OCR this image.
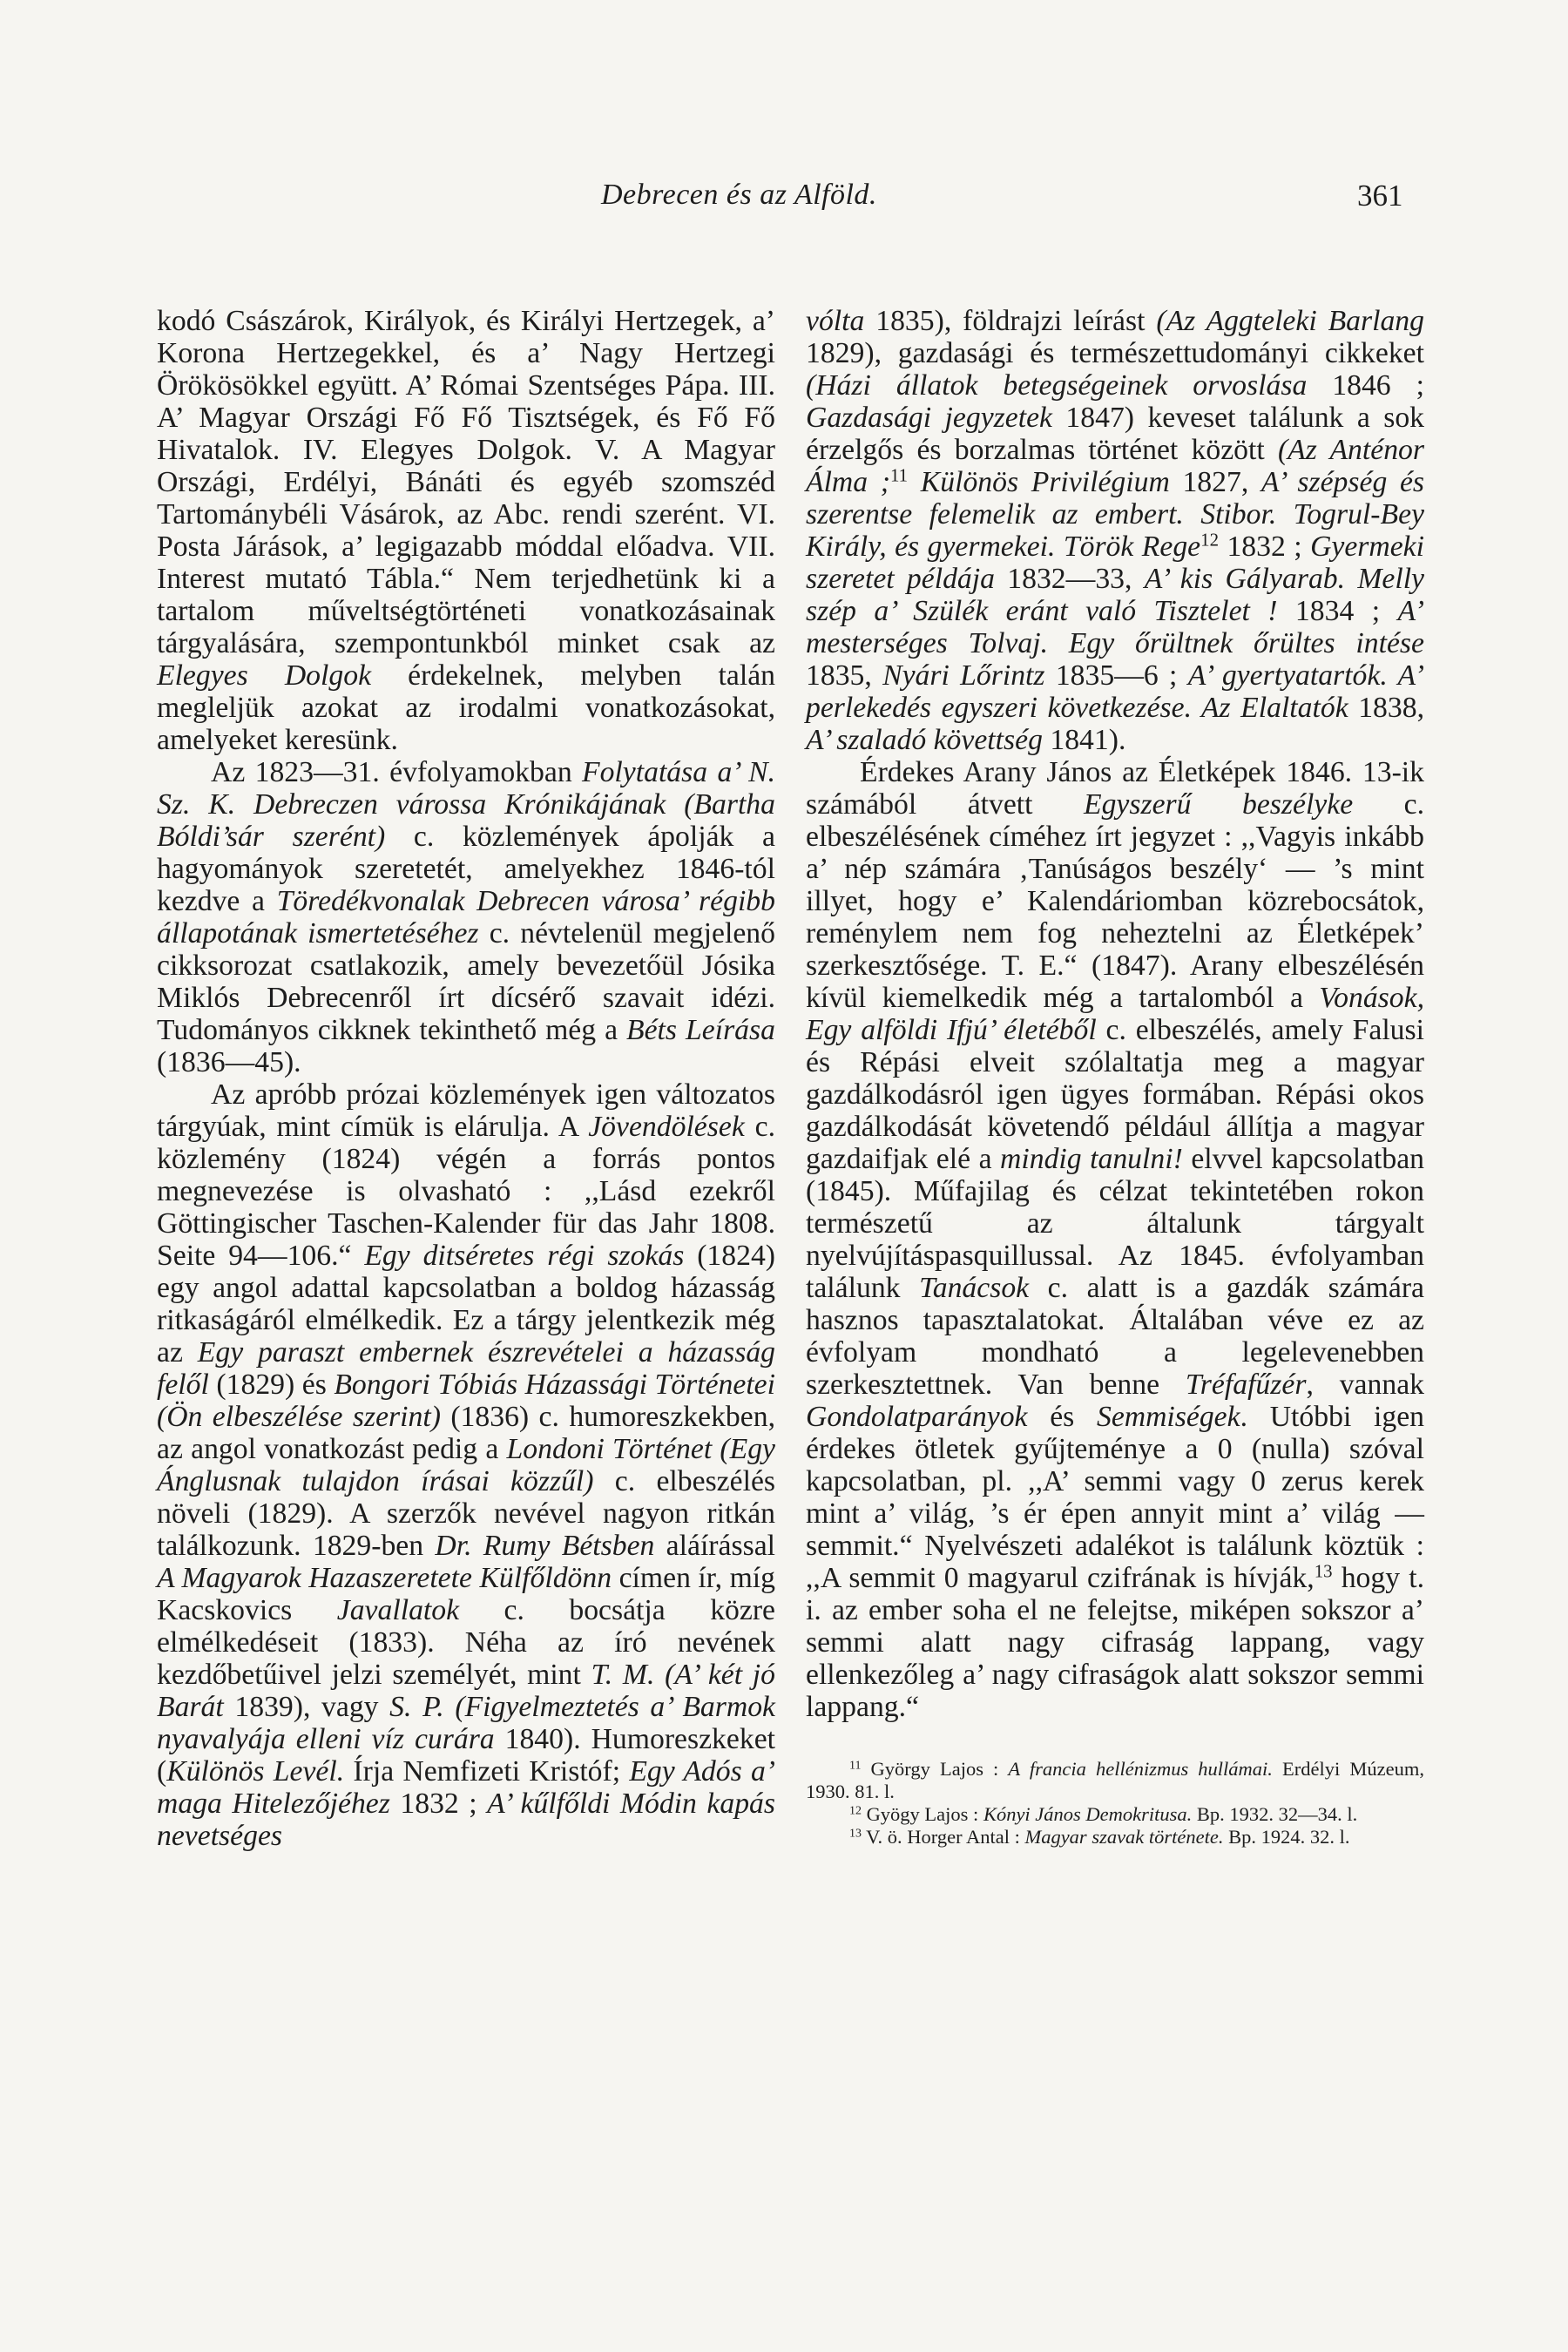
Debrecen és az Alföld.	361

kodó Császárok, Királyok, és Királyi Hertzegek, a’ Korona Hertzegekkel, és a’ Nagy Hertzegi Örökösökkel együtt. A’ Római Szentséges Pápa. III. A’ Magyar Országi Fő Fő Tisztségek, és Fő Fő Hivatalok. IV. Elegyes Dolgok. V. A Magyar Országi, Erdélyi, Bánáti és egyéb szomszéd Tartománybéli Vásárok, az Abc. rendi szerént. VI. Posta Járások, a’ legigazabb móddal előadva. VII. Interest mutató Tábla.“ Nem terjedhetünk ki a tartalom műveltségtörténeti vonatkozásainak tárgyalására, szempontunkból minket csak az Elegyes Dolgok érdekelnek, melyben talán megleljük azokat az irodalmi vonatkozásokat, amelyeket keresünk.

Az 1823—31. évfolyamokban Folytatása a’ N. Sz. K. Debreczen várossa Krónikájának (Bartha Bóldi’sár szerént) c. közlemények ápolják a hagyományok szeretetét, amelyekhez 1846-tól kezdve a Töredékvonalak Debrecen városa’ régibb állapotának ismertetéséhez c. névtelenül megjelenő cikksorozat csatlakozik, amely bevezetőül Jósika Miklós Debrecenről írt dícsérő szavait idézi. Tudományos cikknek tekinthető még a Béts Leírása (1836—45).

Az apróbb prózai közlemények igen változatos tárgyúak, mint címük is elárulja. A Jövendölések c. közlemény (1824) végén a forrás pontos megnevezése is olvasható : ,,Lásd ezekről Göttingischer Taschen-Kalender für das Jahr 1808. Seite 94—106.“ Egy ditséretes régi szokás (1824) egy angol adattal kapcsolatban a boldog házasság ritkaságáról elmélkedik. Ez a tárgy jelentkezik még az Egy paraszt embernek észrevételei a házasság felől (1829) és Bongori Tóbiás Házassági Történetei (Ön elbeszélése szerint) (1836) c. humoreszkekben, az angol vonatkozást pedig a Londoni Történet (Egy Ánglusnak tulajdon írásai közzűl) c. elbeszélés növeli (1829). A szerzők nevével nagyon ritkán találkozunk. 1829-ben Dr. Rumy Bétsben aláírással A Magyarok Hazaszeretete Külfőldönn címen ír, míg Kacskovics Javallatok c. bocsátja közre elmélkedéseit (1833). Néha az író nevének kezdőbetűivel jelzi személyét, mint T. M. (A’ két jó Barát 1839), vagy S. P. (Figyelmeztetés a’ Barmok nyavalyája elleni víz curára 1840). Humoreszkeket (Különös Levél. Írja Nemfizeti Kristóf; Egy Adós a’ maga Hitelezőjéhez 1832 ; A’ kűlfőldi Módin kapás nevetséges

vólta 1835), földrajzi leírást (Az Aggteleki Barlang 1829), gazdasági és természettudományi cikkeket (Házi állatok betegségeinek orvoslása 1846 ; Gazdasági jegyzetek 1847) keveset találunk a sok érzelgős és borzalmas történet között (Az Anténor Álma ;$^{11}$ Különös Privilégium 1827, A’ szépség és szerentse felemelik az embert. Stibor. Togrul-Bey Király, és gyermekei. Török Rege$^{12}$ 1832 ; Gyermeki szeretet példája 1832—33, A’ kis Gályarab. Melly szép a’ Szülék eránt való Tisztelet ! 1834 ; A’ mesterséges Tolvaj. Egy őrültnek őrültes intése 1835, Nyári Lőrintz 1835—6 ; A’ gyertyatartók. A’ perlekedés egyszeri következése. Az Elaltatók 1838, A’ szaladó követtség 1841).

Érdekes Arany János az Életképek 1846. 13-ik számából átvett Egyszerű beszélyke c. elbeszélésének címéhez írt jegyzet : ,,Vagyis inkább a’ nép számára ‚Tanúságos beszély‘ — ’s mint illyet, hogy e’ Kalendáriomban közrebocsátok, reménylem nem fog neheztelni az Életképek’ szerkesztősége. T. E.“ (1847). Arany elbeszélésén kívül kiemelkedik még a tartalomból a Vonások, Egy alföldi Ifjú’ életéből c. elbeszélés, amely Falusi és Répási elveit szólaltatja meg a magyar gazdálkodásról igen ügyes formában. Répási okos gazdálkodását követendő például állítja a magyar gazdaifjak elé a mindig tanulni! elvvel kapcsolatban (1845). Műfajilag és célzat tekintetében rokon természetű az általunk tárgyalt nyelvújításpasquillussal. Az 1845. évfolyamban találunk Tanácsok c. alatt is a gazdák számára hasznos tapasztalatokat. Általában véve ez az évfolyam mondható a legelevenebben szerkesztettnek. Van benne Tréfafűzér, vannak Gondolatparányok és Semmiségek. Utóbbi igen érdekes ötletek gyűjteménye a 0 (nulla) szóval kapcsolatban, pl. ,,A’ semmi vagy 0 zerus kerek mint a’ világ, ’s ér épen annyit mint a’ világ — semmit.“ Nyelvészeti adalékot is találunk köztük : ,,A semmit 0 magyarul czifrának is hívják,$^{13}$ hogy t. i. az ember soha el ne felejtse, miképen sokszor a’ semmi alatt nagy cifraság lappang, vagy ellenkezőleg a’ nagy cifraságok alatt sokszor semmi lappang.“

$^{11}$ György Lajos : A francia hellénizmus hullámai. Erdélyi Múzeum, 1930. 81. l.

$^{12}$ Gyögy Lajos : Kónyi János Demokritusa. Bp. 1932. 32—34. l.

$^{13}$ V. ö. Horger Antal : Magyar szavak története. Bp. 1924. 32. l.
